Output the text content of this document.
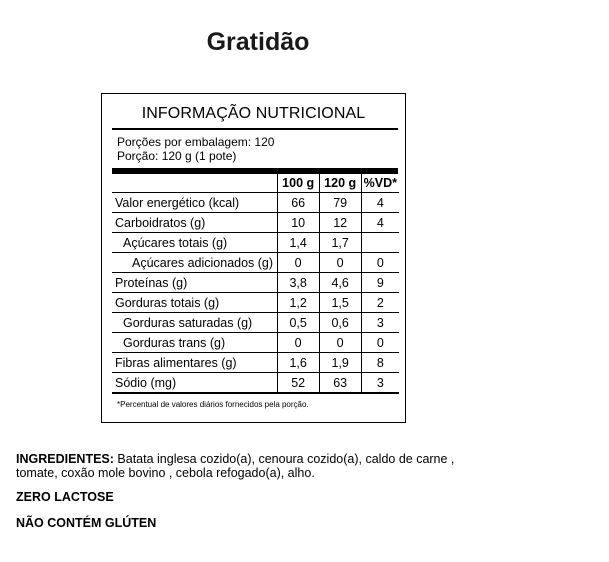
Gratidão
INFORMAÇÃO NUTRICIONAL
Porções por embalagem: 120
Porção: 120 g (1 pote)
	100 g	120 g	%VD*
Valor energético (kcal)	66	79	4
Carboidratos (g)	10	12	4
Açúcares totais (g)	1,4	1,7	
Açúcares adicionados (g)	0	0	0
Proteínas (g)	3,8	4,6	9
Gorduras totais (g)	1,2	1,5	2
Gorduras saturadas (g)	0,5	0,6	3
Gorduras trans (g)	0	0	0
Fibras alimentares (g)	1,6	1,9	8
Sódio (mg)	52	63	3
*Percentual de valores diários fornecidos pela porção.
INGREDIENTES: Batata inglesa cozido(a), cenoura cozido(a), caldo de carne , tomate, coxão mole bovino , cebola refogado(a), alho.
ZERO LACTOSE
NÃO CONTÉM GLÚTEN
